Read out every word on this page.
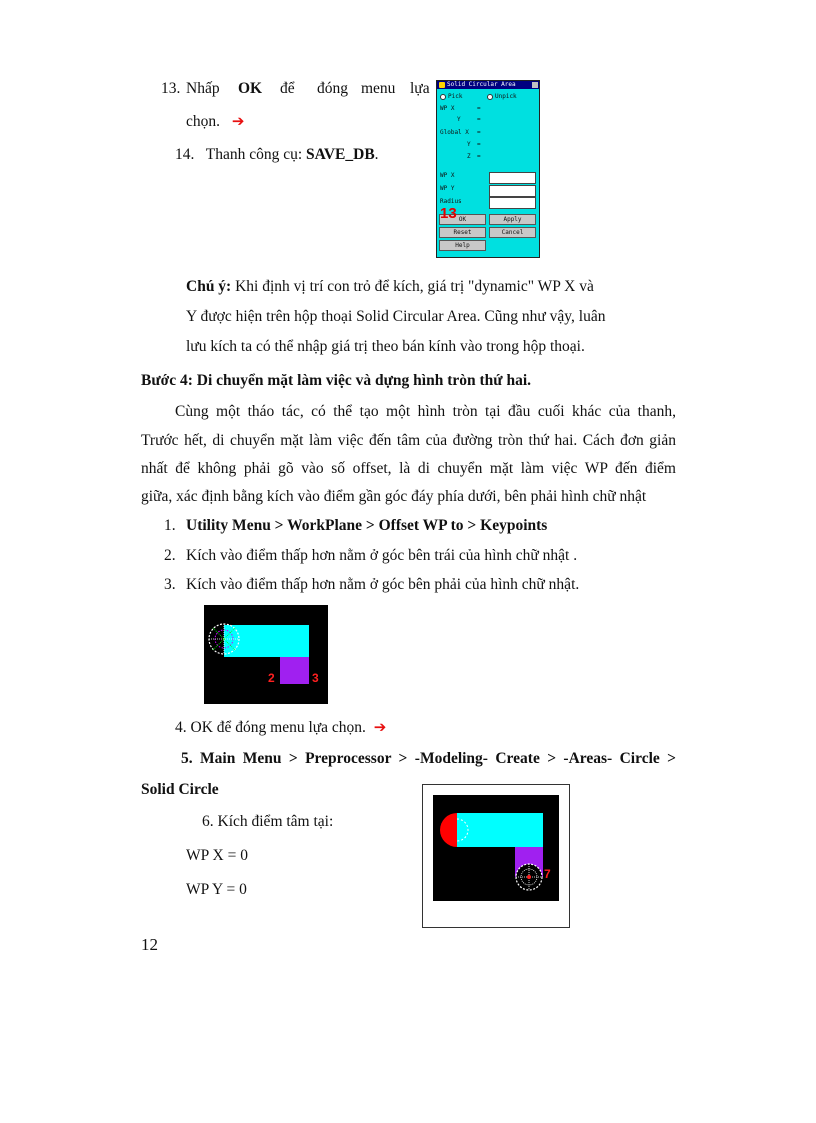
13. Nhấp OK để đóng menu lựa
chọn. ➔
14. Thanh công cụ: SAVE_DB.
Solid Circular Area
Pick	Unpick
WP X	=
Y	=
Global X =
Y =
Z =
WP X
WP Y
Radius
OK	Apply
Reset	Cancel
Help
13
Chú ý: Khi định vị trí con trỏ để kích, giá trị "dynamic" WP X và
Y được hiện trên hộp thoại Solid Circular Area. Cũng như vậy, luân
lưu kích ta có thể nhập giá trị theo bán kính vào trong hộp thoại.
Bước 4: Di chuyển mặt làm việc và dựng hình tròn thứ hai.
Cùng một tháo tác, có thể tạo một hình tròn tại đầu cuối khác của thanh,
Trước hết, di chuyển mặt làm việc đến tâm của đường tròn thứ hai. Cách đơn giản
nhất để không phải gõ vào số offset, là di chuyển mặt làm việc WP đến điểm
giữa, xác định bằng kích vào điểm gần góc đáy phía dưới, bên phải hình chữ nhật
1. Utility Menu > WorkPlane > Offset WP to > Keypoints
2. Kích vào điểm thấp hơn nằm ở góc bên trái của hình chữ nhật .
3. Kích vào điểm thấp hơn nằm ở góc bên phải của hình chữ nhật.
2	3
4. OK để đóng menu lựa chọn. ➔
5. Main Menu > Preprocessor > -Modeling- Create > -Areas- Circle >
Solid Circle
6. Kích điểm tâm tại:
WP X = 0
WP Y = 0
7
12
